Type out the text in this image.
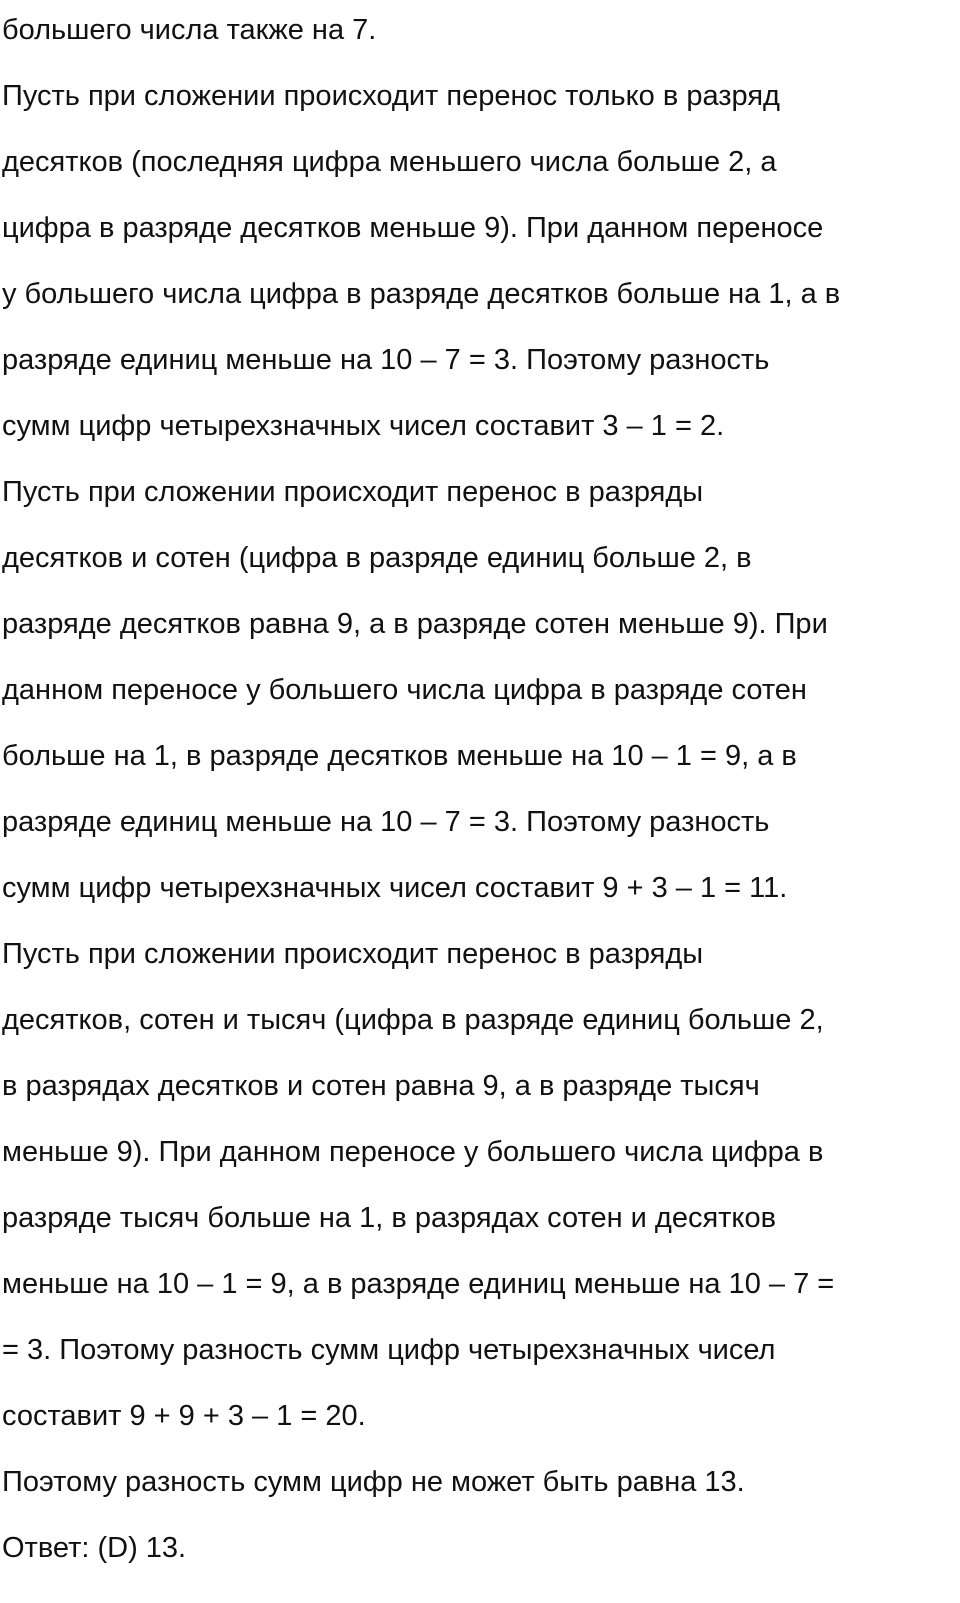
большего числа также на 7.
Пусть при сложении происходит перенос только в разряд
десятков (последняя цифра меньшего числа больше 2, а
цифра в разряде десятков меньше 9). При данном переносе
у большего числа цифра в разряде десятков больше на 1, а в
разряде единиц меньше на 10 – 7 = 3. Поэтому разность
сумм цифр четырехзначных чисел составит 3 – 1 = 2.
Пусть при сложении происходит перенос в разряды
десятков и сотен (цифра в разряде единиц больше 2, в
разряде десятков равна 9, а в разряде сотен меньше 9). При
данном переносе у большего числа цифра в разряде сотен
больше на 1, в разряде десятков меньше на 10 – 1 = 9, а в
разряде единиц меньше на 10 – 7 = 3. Поэтому разность
сумм цифр четырехзначных чисел составит 9 + 3 – 1 = 11.
Пусть при сложении происходит перенос в разряды
десятков, сотен и тысяч (цифра в разряде единиц больше 2,
в разрядах десятков и сотен равна 9, а в разряде тысяч
меньше 9). При данном переносе у большего числа цифра в
разряде тысяч больше на 1, в разрядах сотен и десятков
меньше на 10 – 1 = 9, а в разряде единиц меньше на 10 – 7 =
= 3. Поэтому разность сумм цифр четырехзначных чисел
составит 9 + 9 + 3 – 1 = 20.
Поэтому разность сумм цифр не может быть равна 13.
Ответ: (D) 13.
